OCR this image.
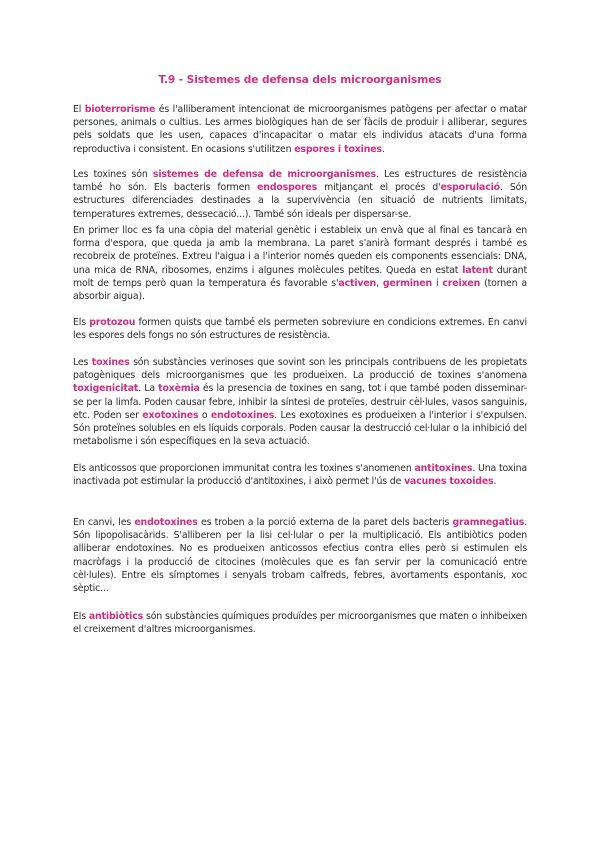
T.9 - Sistemes de defensa dels microorganismes
El bioterrorisme és l'alliberament intencionat de microorganismes patògens per afectar o matar persones, animals o cultius. Les armes biològiques han de ser fàcils de produir i alliberar, segures pels soldats que les usen, capaces d'incapacitar o matar els individus atacats d'una forma reproductiva i consistent. En ocasions s'utilitzen espores i toxines.
Les toxines són sistemes de defensa de microorganismes. Les estructures de resistència també ho són. Els bacteris formen endospores mitjançant el procés d'esporulació. Són estructures diferenciades destinades a la supervivència (en situació de nutrients limitats, temperatures extremes, dessecació...). També són ideals per dispersar-se.
En primer lloc es fa una còpia del material genètic i estableix un envà que al final es tancarà en forma d'espora, que queda ja amb la membrana. La paret s'anirà formant després i també es recobreix de proteïnes. Extreu l'aigua i a l'interior només queden els components essencials: DNA, una mica de RNA, ribosomes, enzims i algunes molècules petites. Queda en estat latent durant molt de temps però quan la temperatura és favorable s'activen, germinen i creixen (tornen a absorbir aigua).
Els protozou formen quists que també els permeten sobreviure en condicions extremes. En canvi les espores dels fongs no són estructures de resistència.
Les toxines són substàncies verinoses que sovint son les principals contribuens de les propietats patogèniques dels microorganismes que les produeixen. La producció de toxines s'anomena toxigenicitat. La toxèmia és la presencia de toxines en sang, tot i que també poden disseminar-se per la limfa. Poden causar febre, inhibir la síntesi de proteïes, destruir cèl·lules, vasos sanguinis, etc. Poden ser exotoxines o endotoxines. Les exotoxines es produeixen a l'interior i s'expulsen. Són proteïnes solubles en els líquids corporals. Poden causar la destrucció cel·lular o la inhibició del metabolisme i són específiques en la seva actuació.
Els anticossos que proporcionen immunitat contra les toxines s'anomenen antitoxines. Una toxina inactivada pot estimular la producció d'antitoxines, i això permet l'ús de vacunes toxoides.
En canvi, les endotoxines es troben a la porció externa de la paret dels bacteris gramnegatius. Són lipopolisacàrids. S'alliberen per la lisi cel·lular o per la multiplicació. Els antibiòtics poden alliberar endotoxines. No es produeixen anticossos efectius contra elles però si estimulen els macròfags i la producció de citocines (molècules que es fan servir per la comunicació entre cèl·lules). Entre els símptomes i senyals trobam calfreds, febres, avortaments espontanis, xoc sèptic...
Els antibiòtics són substàncies químiques produïdes per microorganismes que maten o inhibeixen el creixement d'altres microorganismes.
